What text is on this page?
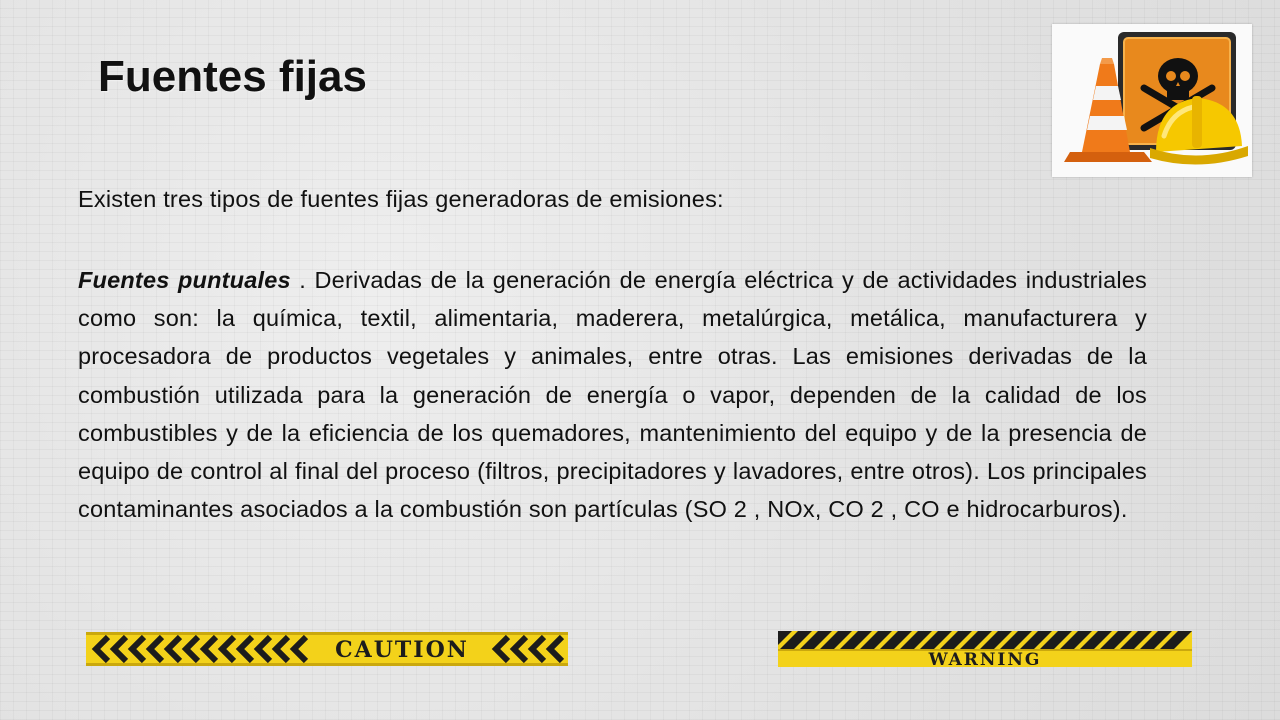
Fuentes fijas

Existen tres tipos de fuentes fijas generadoras de emisiones:

Fuentes puntuales . Derivadas de la generación de energía eléctrica y de actividades industriales como son: la química, textil, alimentaria, maderera, metalúrgica, metálica, manufacturera y procesadora de productos vegetales y animales, entre otras. Las emisiones derivadas de la combustión utilizada para la generación de energía o vapor, dependen de la calidad de los combustibles y de la eficiencia de los quemadores, mantenimiento del equipo y de la presencia de equipo de control al final del proceso (filtros, precipitadores y lavadores, entre otros). Los principales contaminantes asociados a la combustión son partículas (SO 2 , NOx, CO 2 , CO e hidrocarburos).

CAUTION	WARNING
